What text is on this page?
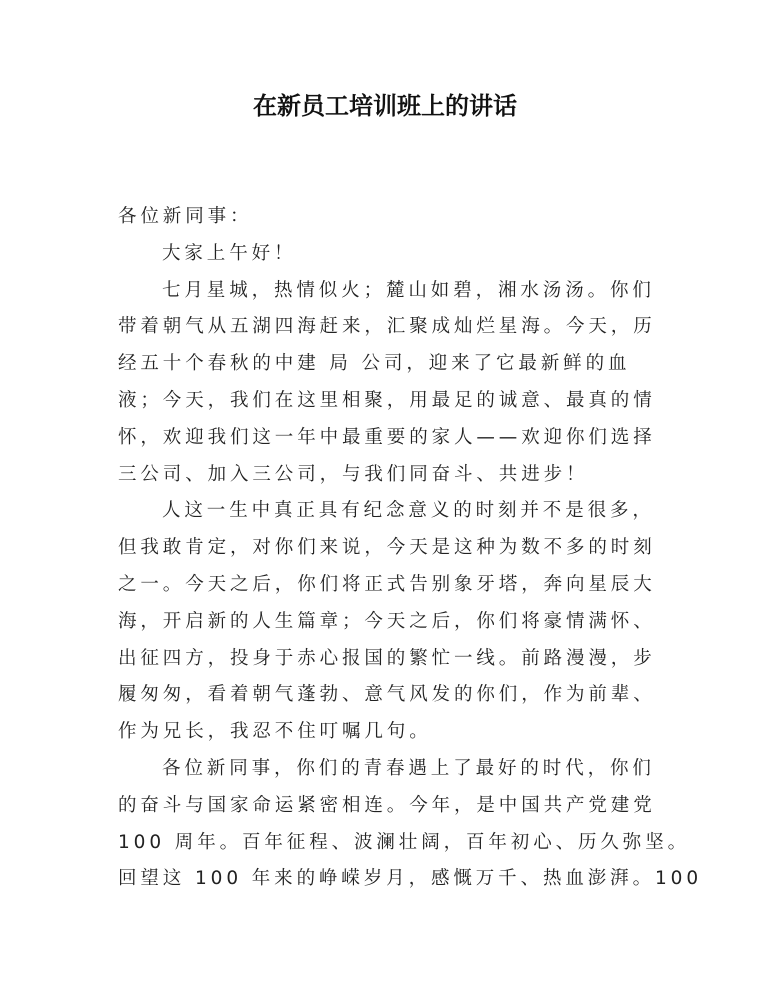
在新员工培训班上的讲话
各位新同事：
大家上午好！
七月星城，热情似火；麓山如碧，湘水汤汤。你们
带着朝气从五湖四海赶来，汇聚成灿烂星海。今天，历
经五十个春秋的中建 局 公司，迎来了它最新鲜的血
液；今天，我们在这里相聚，用最足的诚意、最真的情
怀，欢迎我们这一年中最重要的家人——欢迎你们选择
三公司、加入三公司，与我们同奋斗、共进步！
人这一生中真正具有纪念意义的时刻并不是很多，
但我敢肯定，对你们来说，今天是这种为数不多的时刻
之一。今天之后，你们将正式告别象牙塔，奔向星辰大
海，开启新的人生篇章；今天之后，你们将豪情满怀、
出征四方，投身于赤心报国的繁忙一线。前路漫漫，步
履匆匆，看着朝气蓬勃、意气风发的你们，作为前辈、
作为兄长，我忍不住叮嘱几句。
各位新同事，你们的青春遇上了最好的时代，你们
的奋斗与国家命运紧密相连。今年，是中国共产党建党
100 周年。百年征程、波澜壮阔，百年初心、历久弥坚。
回望这 100 年来的峥嵘岁月，感慨万千、热血澎湃。100
